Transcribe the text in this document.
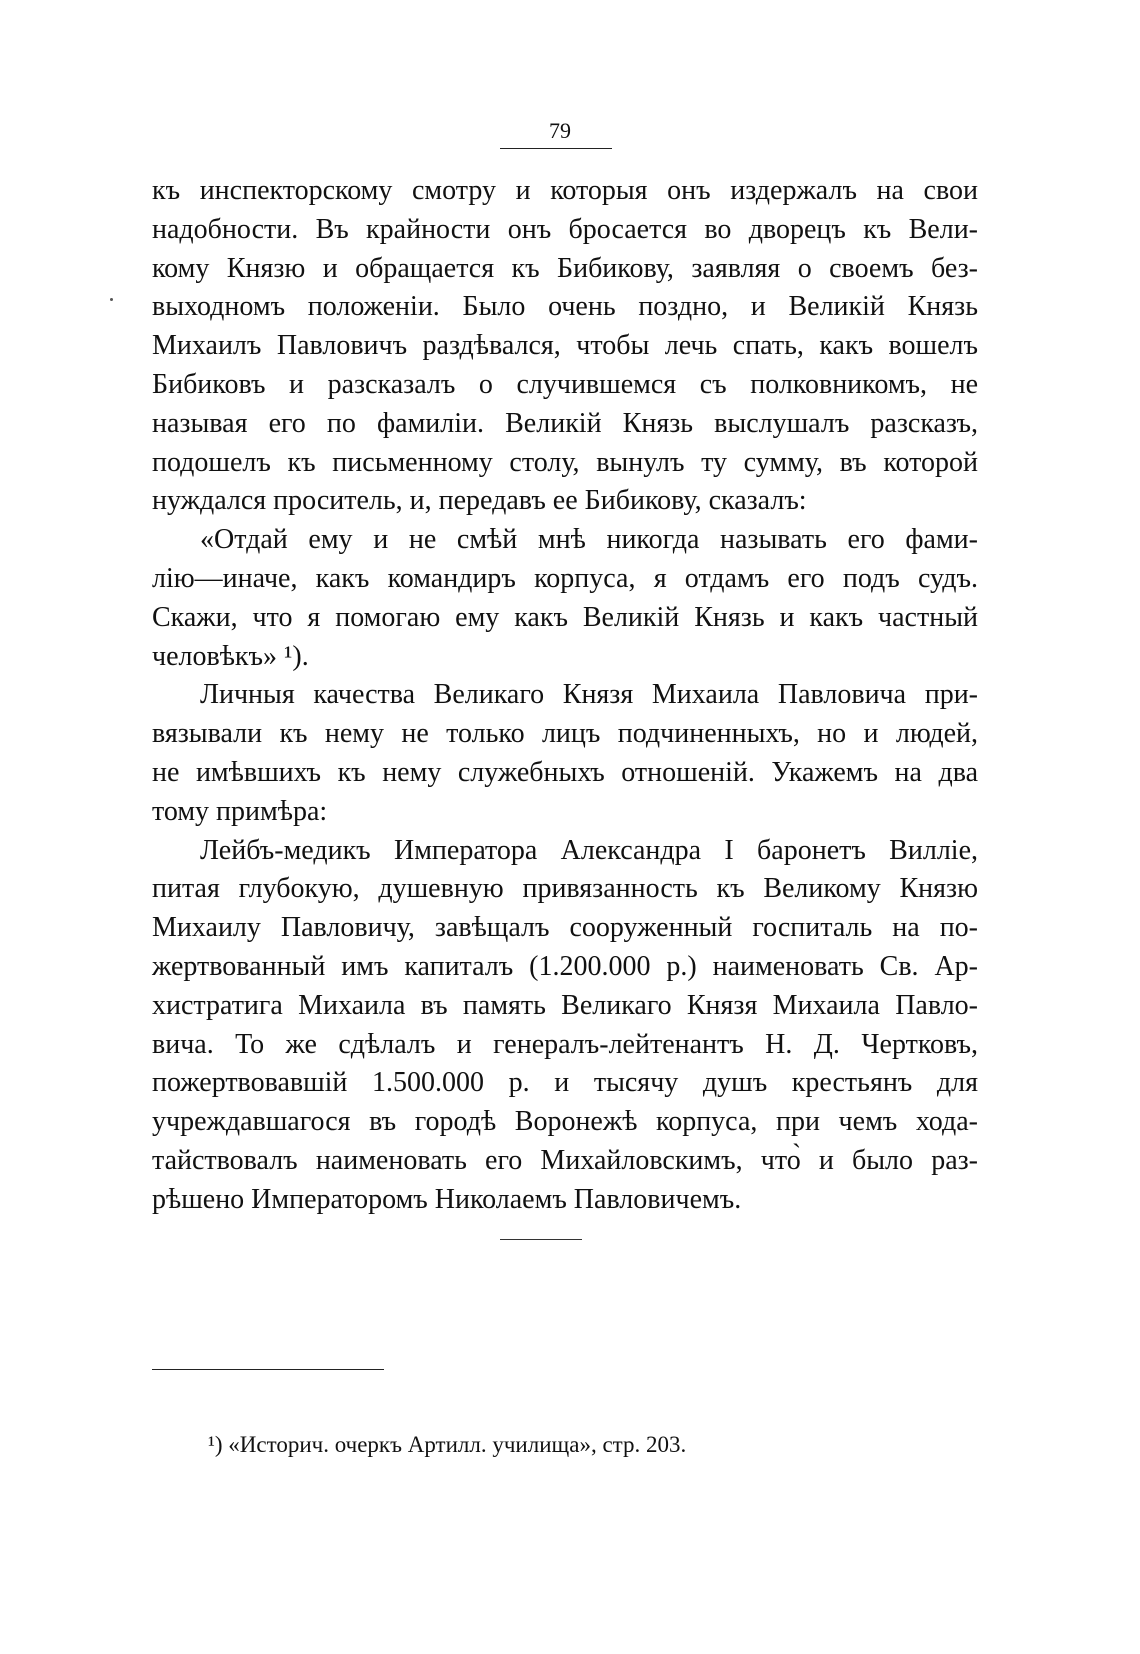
79
къ инспекторскому смотру и которыя онъ издержалъ на свои
надобности. Въ крайности онъ бросается во дворецъ къ Вели-
кому Князю и обращается къ Бибикову, заявляя о своемъ без-
выходномъ положеніи. Было очень поздно, и Великій Князь
Михаилъ Павловичъ раздѣвался, чтобы лечь спать, какъ вошелъ
Бибиковъ и разсказалъ о случившемся съ полковникомъ, не
называя его по фамиліи. Великій Князь выслушалъ разсказъ,
подошелъ къ письменному столу, вынулъ ту сумму, въ которой
нуждался проситель, и, передавъ ее Бибикову, сказалъ:
«Отдай ему и не смѣй мнѣ никогда называть его фами-
лію—иначе, какъ командиръ корпуса, я отдамъ его подъ судъ.
Скажи, что я помогаю ему какъ Великій Князь и какъ частный
человѣкъ» ¹).
Личныя качества Великаго Князя Михаила Павловича при-
вязывали къ нему не только лицъ подчиненныхъ, но и людей,
не имѣвшихъ къ нему служебныхъ отношеній. Укажемъ на два
тому примѣра:
Лейбъ-медикъ Императора Александра I баронетъ Вилліе,
питая глубокую, душевную привязанность къ Великому Князю
Михаилу Павловичу, завѣщалъ сооруженный госпиталь на по-
жертвованный имъ капиталъ (1.200.000 р.) наименовать Св. Ар-
хистратига Михаила въ память Великаго Князя Михаила Павло-
вича. То же сдѣлалъ и генералъ-лейтенантъ Н. Д. Чертковъ,
пожертвовавшій 1.500.000 р. и тысячу душъ крестьянъ для
учреждавшагося въ городѣ Воронежѣ корпуса, при чемъ хода-
тайствовалъ наименовать его Михайловскимъ, что̀ и было раз-
рѣшено Императоромъ Николаемъ Павловичемъ.
¹) «Историч. очеркъ Артилл. училища», стр. 203.
